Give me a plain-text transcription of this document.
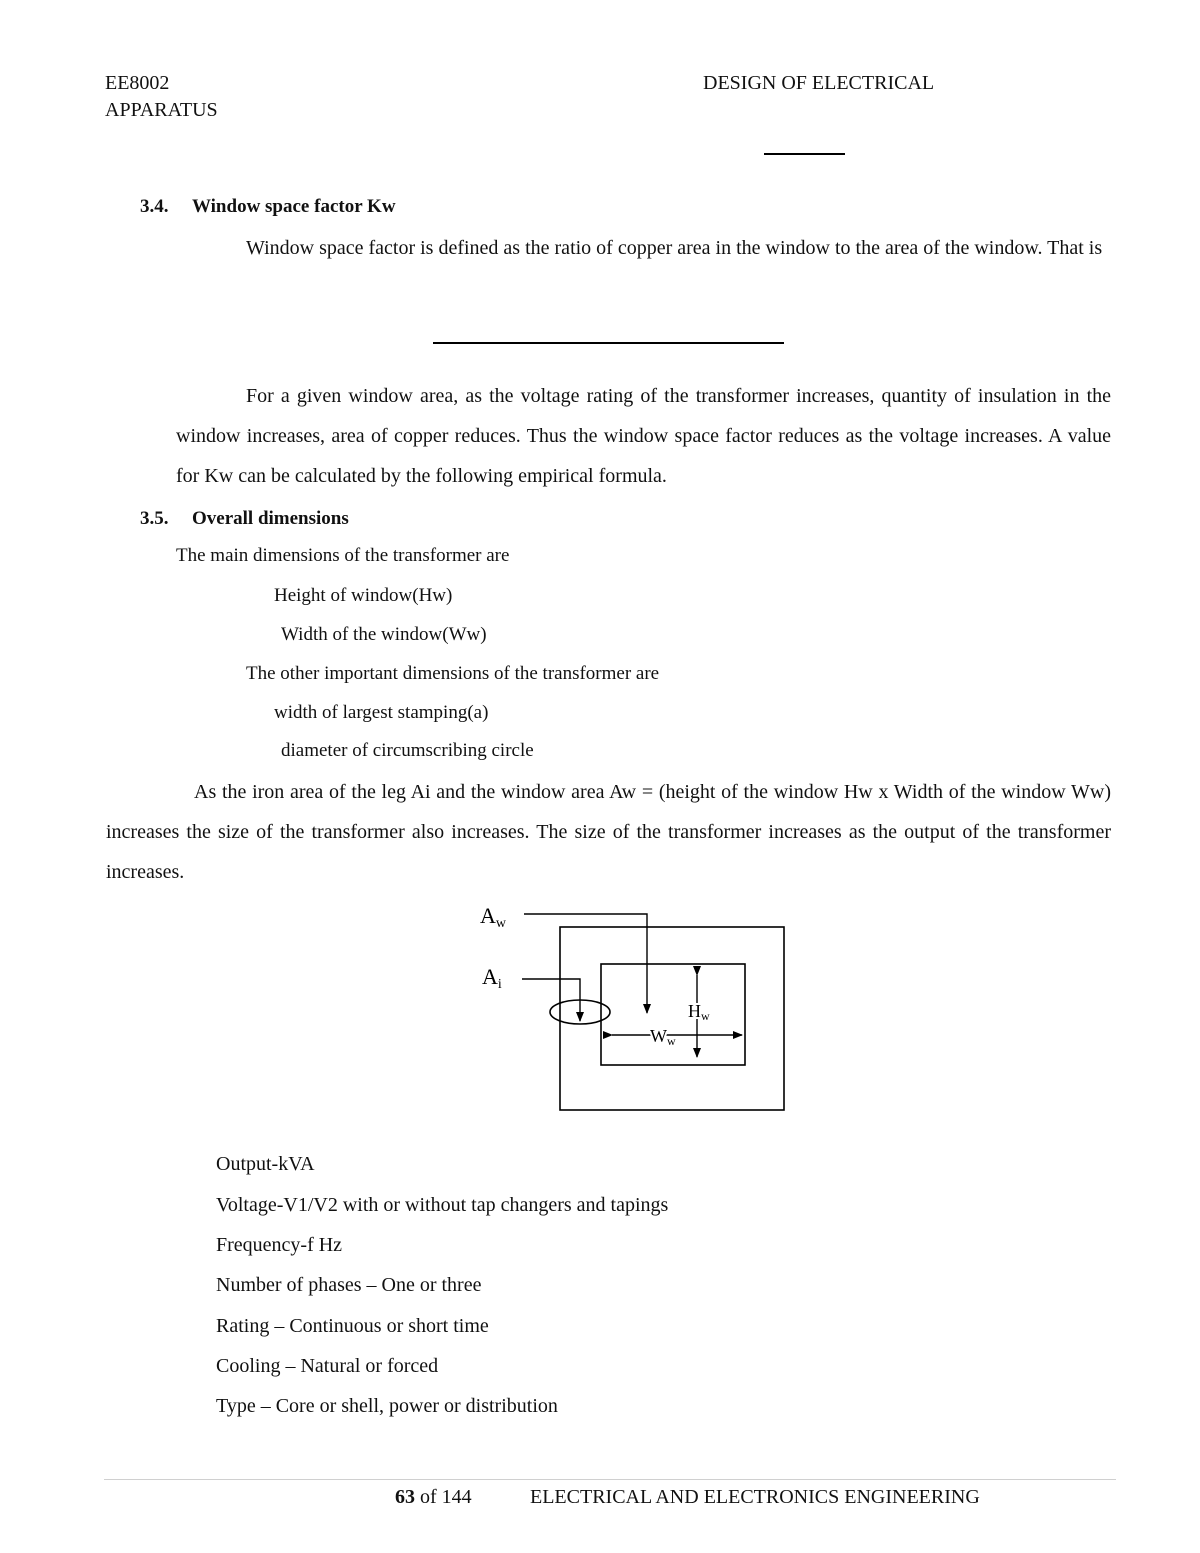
EE8002	DESIGN OF ELECTRICAL
APPARATUS
3.4. Window space factor Kw
Window space factor is defined as the ratio of copper area in the window to the area of the window. That is
For a given window area, as the voltage rating of the transformer increases, quantity of insulation in the window increases, area of copper reduces. Thus the window space factor reduces as the voltage increases. A value for Kw can be calculated by the following empirical formula.
3.5. Overall dimensions
The main dimensions of the transformer are
Height of window(Hw)
Width of the window(Ww)
The other important dimensions of the transformer are
width of largest stamping(a)
diameter of circumscribing circle
As the iron area of the leg Ai and the window area Aw = (height of the window Hw x Width of the window Ww) increases the size of the transformer also increases. The size of the transformer increases as the output of the transformer increases.
Aw
Ai
Hw
Ww
Output-kVA
Voltage-V1/V2 with or without tap changers and tapings
Frequency-f Hz
Number of phases – One or three
Rating – Continuous or short time
Cooling – Natural or forced
Type – Core or shell, power or distribution
63 of 144	ELECTRICAL AND ELECTRONICS ENGINEERING
